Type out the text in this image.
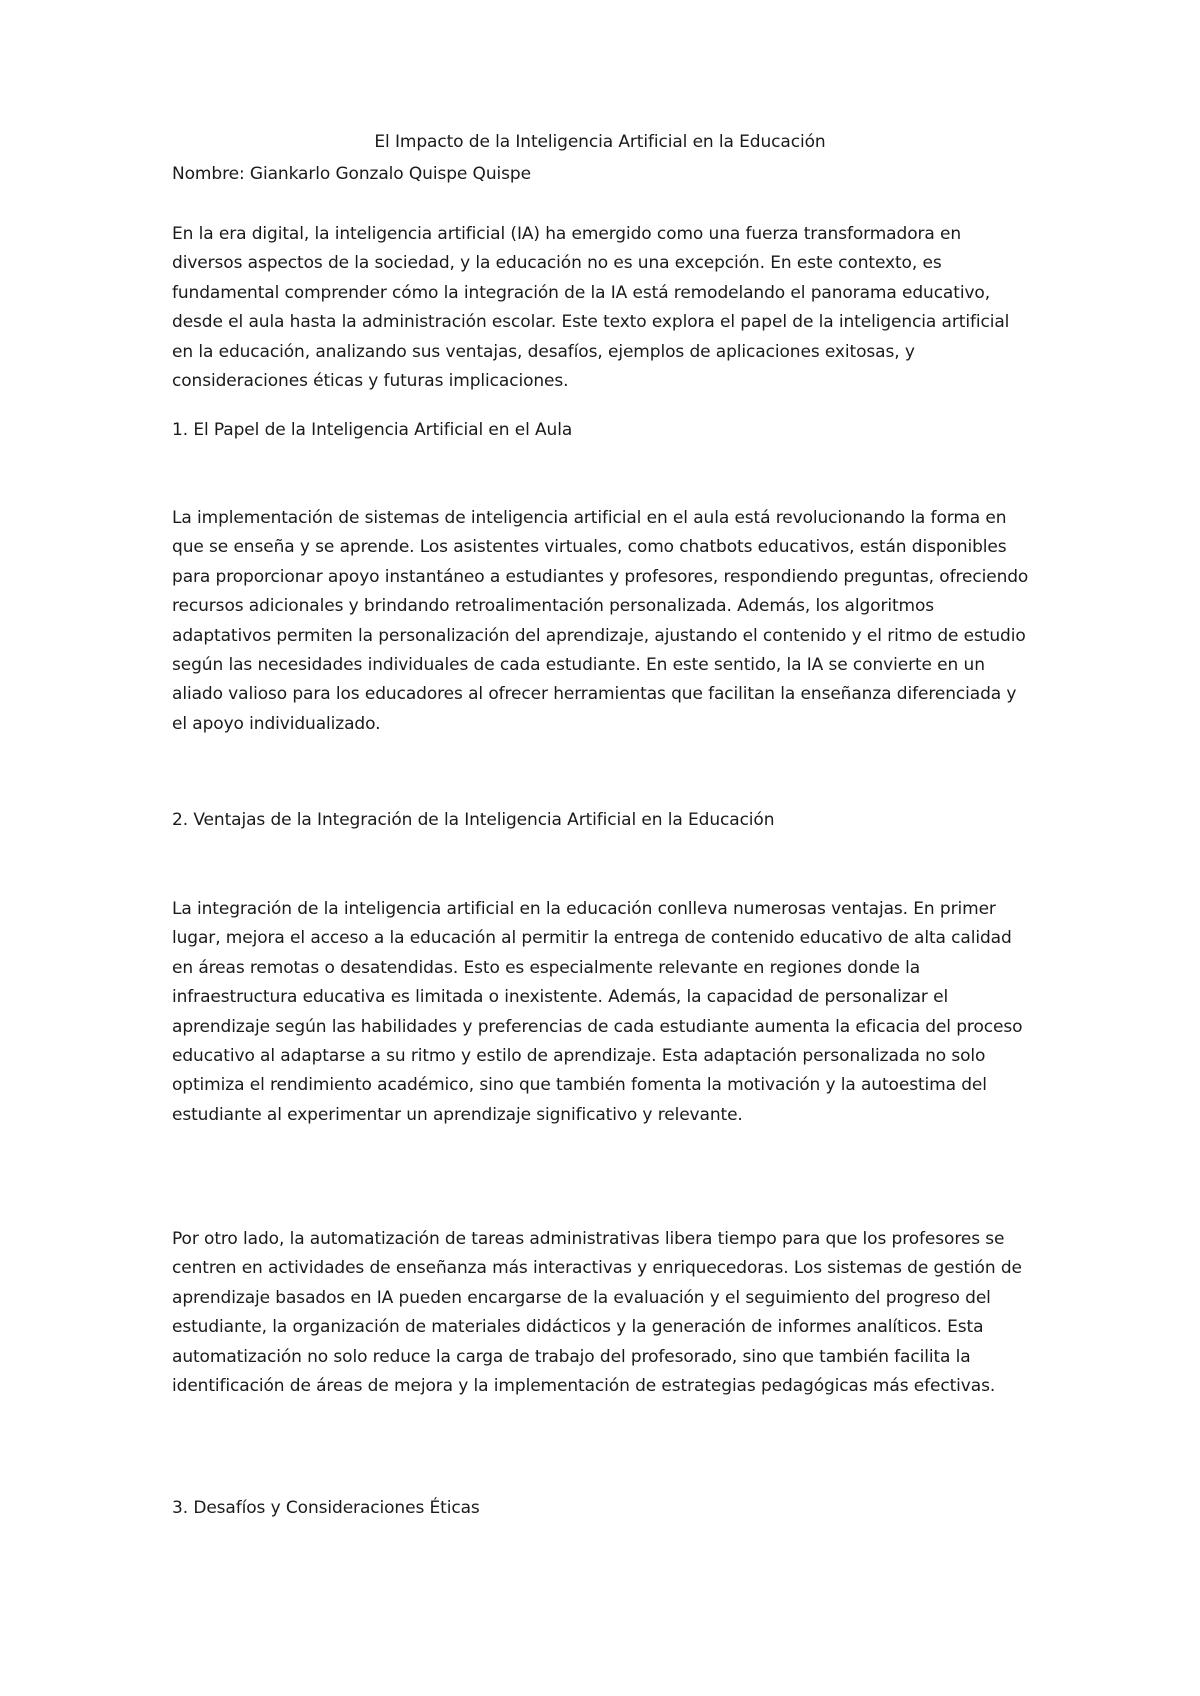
El Impacto de la Inteligencia Artificial en la Educación

Nombre: Giankarlo Gonzalo Quispe Quispe

En la era digital, la inteligencia artificial (IA) ha emergido como una fuerza transformadora en diversos aspectos de la sociedad, y la educación no es una excepción. En este contexto, es fundamental comprender cómo la integración de la IA está remodelando el panorama educativo, desde el aula hasta la administración escolar. Este texto explora el papel de la inteligencia artificial en la educación, analizando sus ventajas, desafíos, ejemplos de aplicaciones exitosas, y consideraciones éticas y futuras implicaciones.

1. El Papel de la Inteligencia Artificial en el Aula

La implementación de sistemas de inteligencia artificial en el aula está revolucionando la forma en que se enseña y se aprende. Los asistentes virtuales, como chatbots educativos, están disponibles para proporcionar apoyo instantáneo a estudiantes y profesores, respondiendo preguntas, ofreciendo recursos adicionales y brindando retroalimentación personalizada. Además, los algoritmos adaptativos permiten la personalización del aprendizaje, ajustando el contenido y el ritmo de estudio según las necesidades individuales de cada estudiante. En este sentido, la IA se convierte en un aliado valioso para los educadores al ofrecer herramientas que facilitan la enseñanza diferenciada y el apoyo individualizado.

2. Ventajas de la Integración de la Inteligencia Artificial en la Educación

La integración de la inteligencia artificial en la educación conlleva numerosas ventajas. En primer lugar, mejora el acceso a la educación al permitir la entrega de contenido educativo de alta calidad en áreas remotas o desatendidas. Esto es especialmente relevante en regiones donde la infraestructura educativa es limitada o inexistente. Además, la capacidad de personalizar el aprendizaje según las habilidades y preferencias de cada estudiante aumenta la eficacia del proceso educativo al adaptarse a su ritmo y estilo de aprendizaje. Esta adaptación personalizada no solo optimiza el rendimiento académico, sino que también fomenta la motivación y la autoestima del estudiante al experimentar un aprendizaje significativo y relevante.

Por otro lado, la automatización de tareas administrativas libera tiempo para que los profesores se centren en actividades de enseñanza más interactivas y enriquecedoras. Los sistemas de gestión de aprendizaje basados en IA pueden encargarse de la evaluación y el seguimiento del progreso del estudiante, la organización de materiales didácticos y la generación de informes analíticos. Esta automatización no solo reduce la carga de trabajo del profesorado, sino que también facilita la identificación de áreas de mejora y la implementación de estrategias pedagógicas más efectivas.

3. Desafíos y Consideraciones Éticas
